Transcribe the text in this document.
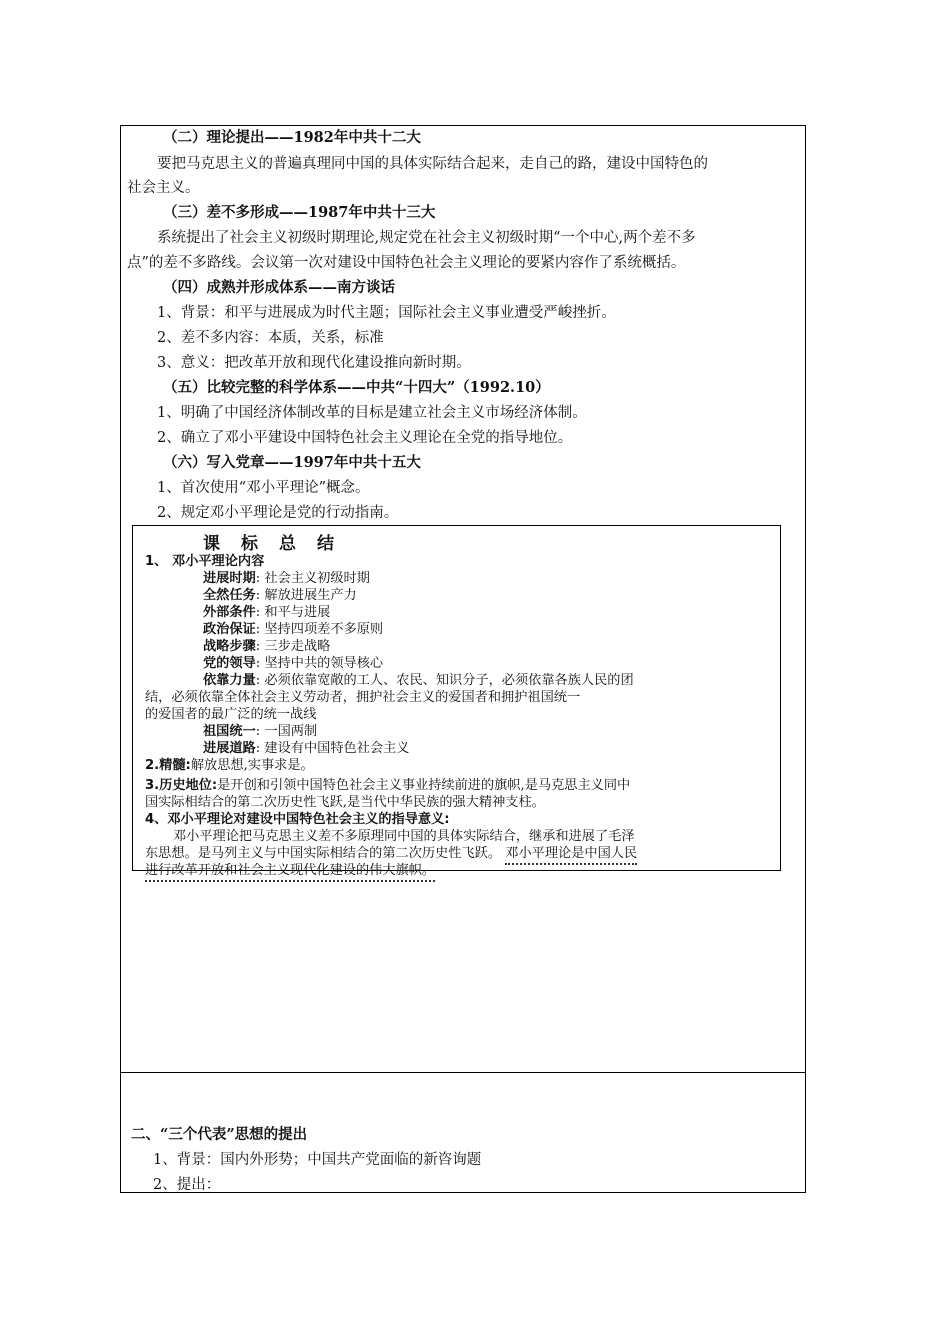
（二）理论提出——1982年中共十二大
要把马克思主义的普遍真理同中国的具体实际结合起来，走自己的路，建设中国特色的
社会主义。
（三）差不多形成——1987年中共十三大
系统提出了社会主义初级时期理论,规定党在社会主义初级时期“一个中心,两个差不多
点”的差不多路线。会议第一次对建设中国特色社会主义理论的要紧内容作了系统概括。
（四）成熟并形成体系——南方谈话
1、背景：和平与进展成为时代主题；国际社会主义事业遭受严峻挫折。
2、差不多内容：本质，关系，标准
3、意义：把改革开放和现代化建设推向新时期。
（五）比较完整的科学体系——中共“十四大”（1992.10）
1、明确了中国经济体制改革的目标是建立社会主义市场经济体制。
2、确立了邓小平建设中国特色社会主义理论在全党的指导地位。
（六）写入党章——1997年中共十五大
1、首次使用“邓小平理论”概念。
2、规定邓小平理论是党的行动指南。
课标总结
1、 邓小平理论内容
进展时期: 社会主义初级时期
全然任务: 解放进展生产力
外部条件: 和平与进展
政治保证: 坚持四项差不多原则
战略步骤: 三步走战略
党的领导: 坚持中共的领导核心
依靠力量: 必须依靠宽敞的工人、农民、知识分子，必须依靠各族人民的团
结，必须依靠全体社会主义劳动者，拥护社会主义的爱国者和拥护祖国统一
的爱国者的最广泛的统一战线
祖国统一: 一国两制
进展道路: 建设有中国特色社会主义
2.精髓:解放思想,实事求是。
3.历史地位:是开创和引领中国特色社会主义事业持续前进的旗帜,是马克思主义同中
国实际相结合的第二次历史性飞跃,是当代中华民族的强大精神支柱。
4、邓小平理论对建设中国特色社会主义的指导意义:
邓小平理论把马克思主义差不多原理同中国的具体实际结合，继承和进展了毛泽
东思想。是马列主义与中国实际相结合的第二次历史性飞跃。 邓小平理论是中国人民
进行改革开放和社会主义现代化建设的伟大旗帜。
二、“三个代表”思想的提出
1、背景：国内外形势；中国共产党面临的新咨询题
2、提出：
